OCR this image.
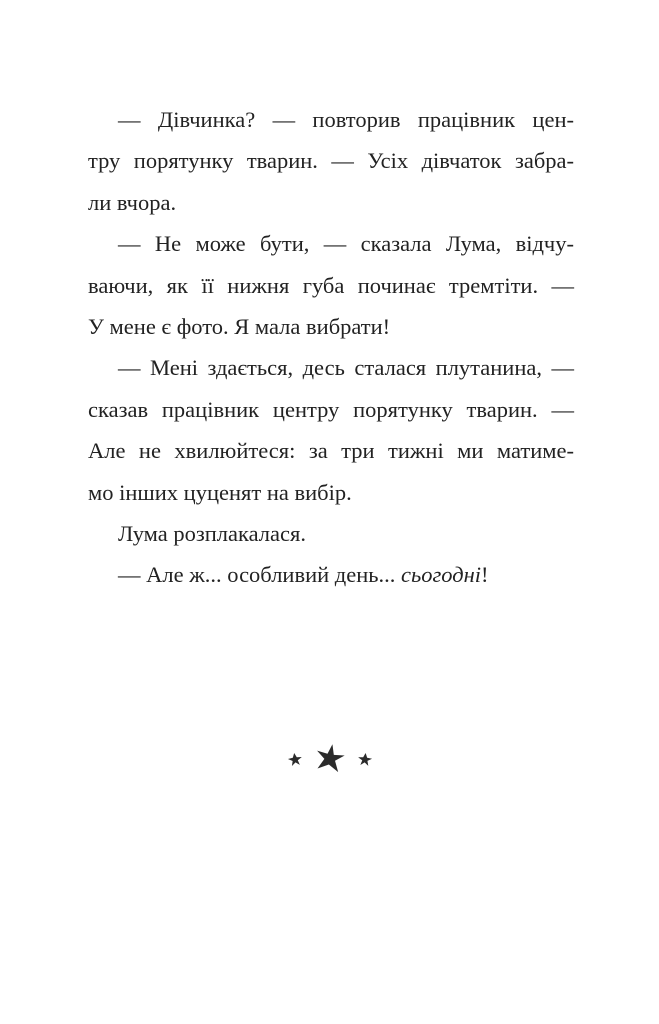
— Дівчинка? — повторив працівник цен-
тру порятунку тварин. — Усіх дівчаток забра-
ли вчора.
— Не може бути, — сказала Лума, відчу-
ваючи, як її нижня губа починає тремтіти. —
У мене є фото. Я мала вибрати!
— Мені здається, десь сталася плутанина, —
сказав працівник центру порятунку тварин. —
Але не хвилюйтеся: за три тижні ми матиме-
мо інших цуценят на вибір.
Лума розплакалася.
— Але ж... особливий день... сьогодні!
